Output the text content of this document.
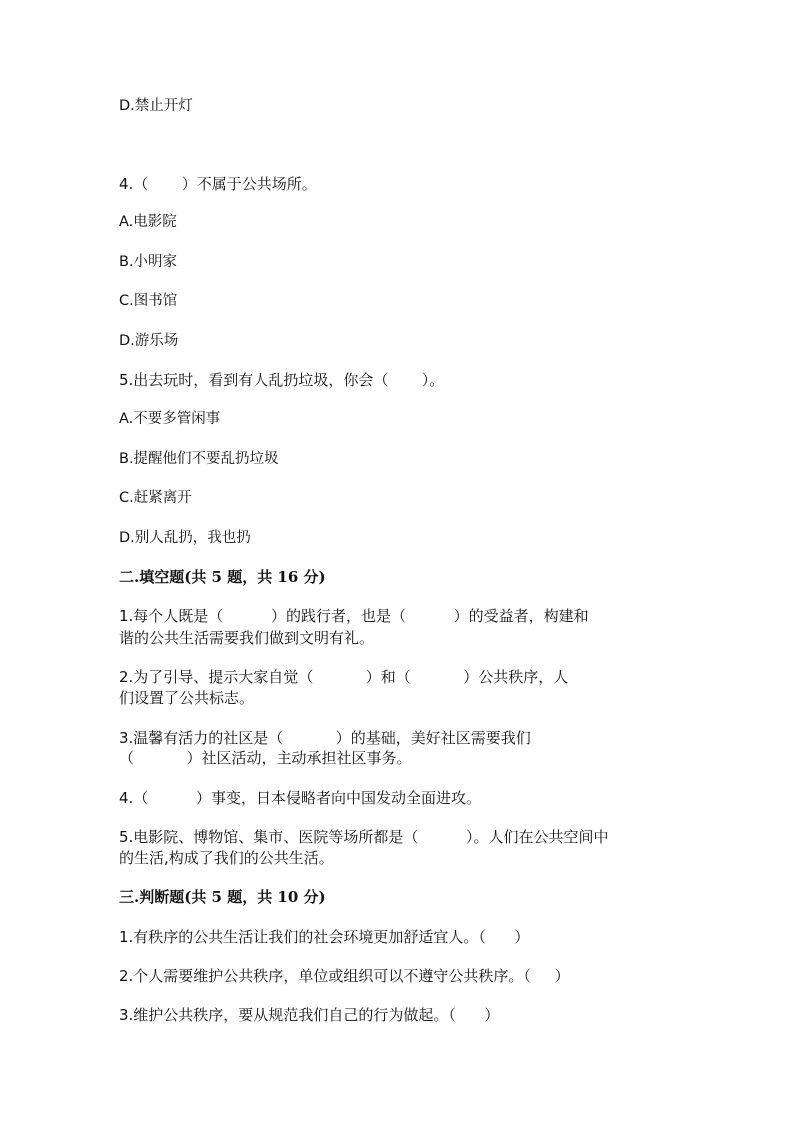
D.禁止开灯
4.（       ）不属于公共场所。
A.电影院
B.小明家
C.图书馆
D.游乐场
5.出去玩时，看到有人乱扔垃圾，你会（       ）。
A.不要多管闲事
B.提醒他们不要乱扔垃圾
C.赶紧离开
D.别人乱扔，我也扔
二.填空题(共 5 题，共 16 分)
1.每个人既是（          ）的践行者，也是（          ）的受益者，构建和
谐的公共生活需要我们做到文明有礼。
2.为了引导、提示大家自觉（           ）和（           ）公共秩序，人
们设置了公共标志。
3.温馨有活力的社区是（           ）的基础，美好社区需要我们
（           ）社区活动，主动承担社区事务。
4.（          ）事变，日本侵略者向中国发动全面进攻。
5.电影院、博物馆、集市、医院等场所都是（          ）。人们在公共空间中
的生活,构成了我们的公共生活。
三.判断题(共 5 题，共 10 分)
1.有秩序的公共生活让我们的社会环境更加舒适宜人。（      ）
2.个人需要维护公共秩序，单位或组织可以不遵守公共秩序。（     ）
3.维护公共秩序，要从规范我们自己的行为做起。（      ）
